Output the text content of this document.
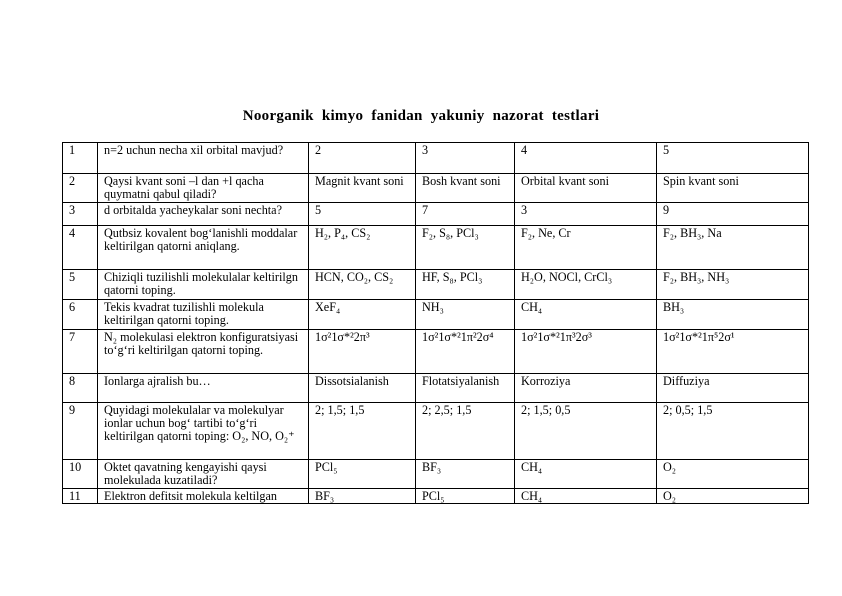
Noorganik kimyo fanidan yakuniy nazorat testlari
1	n=2 uchun necha xil orbital mavjud?	2	3	4	5
2	Qaysi kvant soni –l dan +l qacha quymatni qabul qiladi?	Magnit kvant soni	Bosh kvant soni	Orbital kvant soni	Spin kvant soni
3	d orbitalda yacheykalar soni nechta?	5	7	3	9
4	Qutbsiz kovalent bog‘lanishli moddalar keltirilgan qatorni aniqlang.	H₂, P₄, CS₂	F₂, S₈, PCl₃	F₂, Ne, Cr	F₂, BH₃, Na
5	Chiziqli tuzilishli molekulalar keltirilgn qatorni toping.	HCN, CO₂, CS₂	HF, S₈, PCl₃	H₂O, NOCl, CrCl₃	F₂, BH₃, NH₃
6	Tekis kvadrat tuzilishli molekula keltirilgan qatorni toping.	XeF₄	NH₃	CH₄	BH₃
7	N₂ molekulasi elektron konfiguratsiyasi to‘g‘ri keltirilgan qatorni toping.	1σ²1σ*²2π³	1σ²1σ*²1π²2σ⁴	1σ²1σ*²1π³2σ³	1σ²1σ*²1π⁵2σ¹
8	Ionlarga ajralish bu…	Dissotsialanish	Flotatsiyalanish	Korroziya	Diffuziya
9	Quyidagi molekulalar va molekulyar ionlar uchun bog‘ tartibi to‘g‘ri keltirilgan qatorni toping: O₂, NO, O₂⁺	2; 1,5; 1,5	2; 2,5; 1,5	2; 1,5; 0,5	2; 0,5; 1,5
10	Oktet qavatning kengayishi qaysi molekulada kuzatiladi?	PCl₅	BF₃	CH₄	O₂
11	Elektron defitsit molekula keltilgan	BF₃	PCl₅	CH₄	O₂
